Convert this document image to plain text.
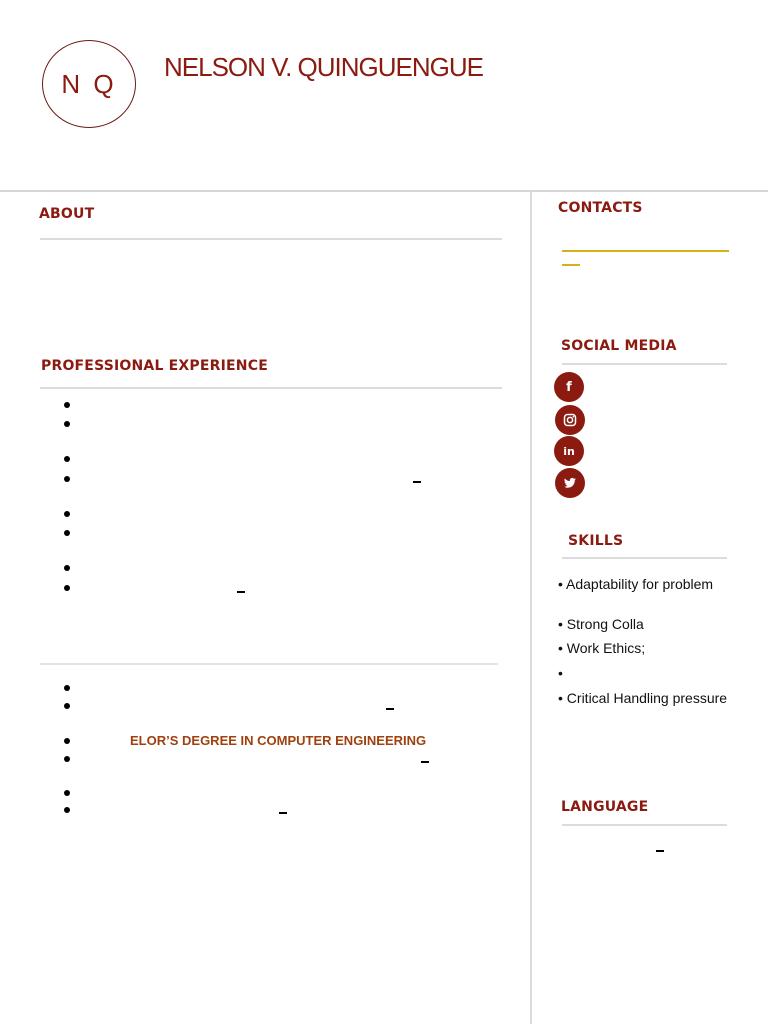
N Q
NELSON V. QUINGUENGUE
ABOUT
PROFESSIONAL EXPERIENCE
ELOR’S DEGREE IN COMPUTER ENGINEERING
CONTACTS
SOCIAL MEDIA
f
in
SKILLS
• Adaptability for problem
• Strong Colla
• Work Ethics;
•
• Critical Handling pressure
LANGUAGE
